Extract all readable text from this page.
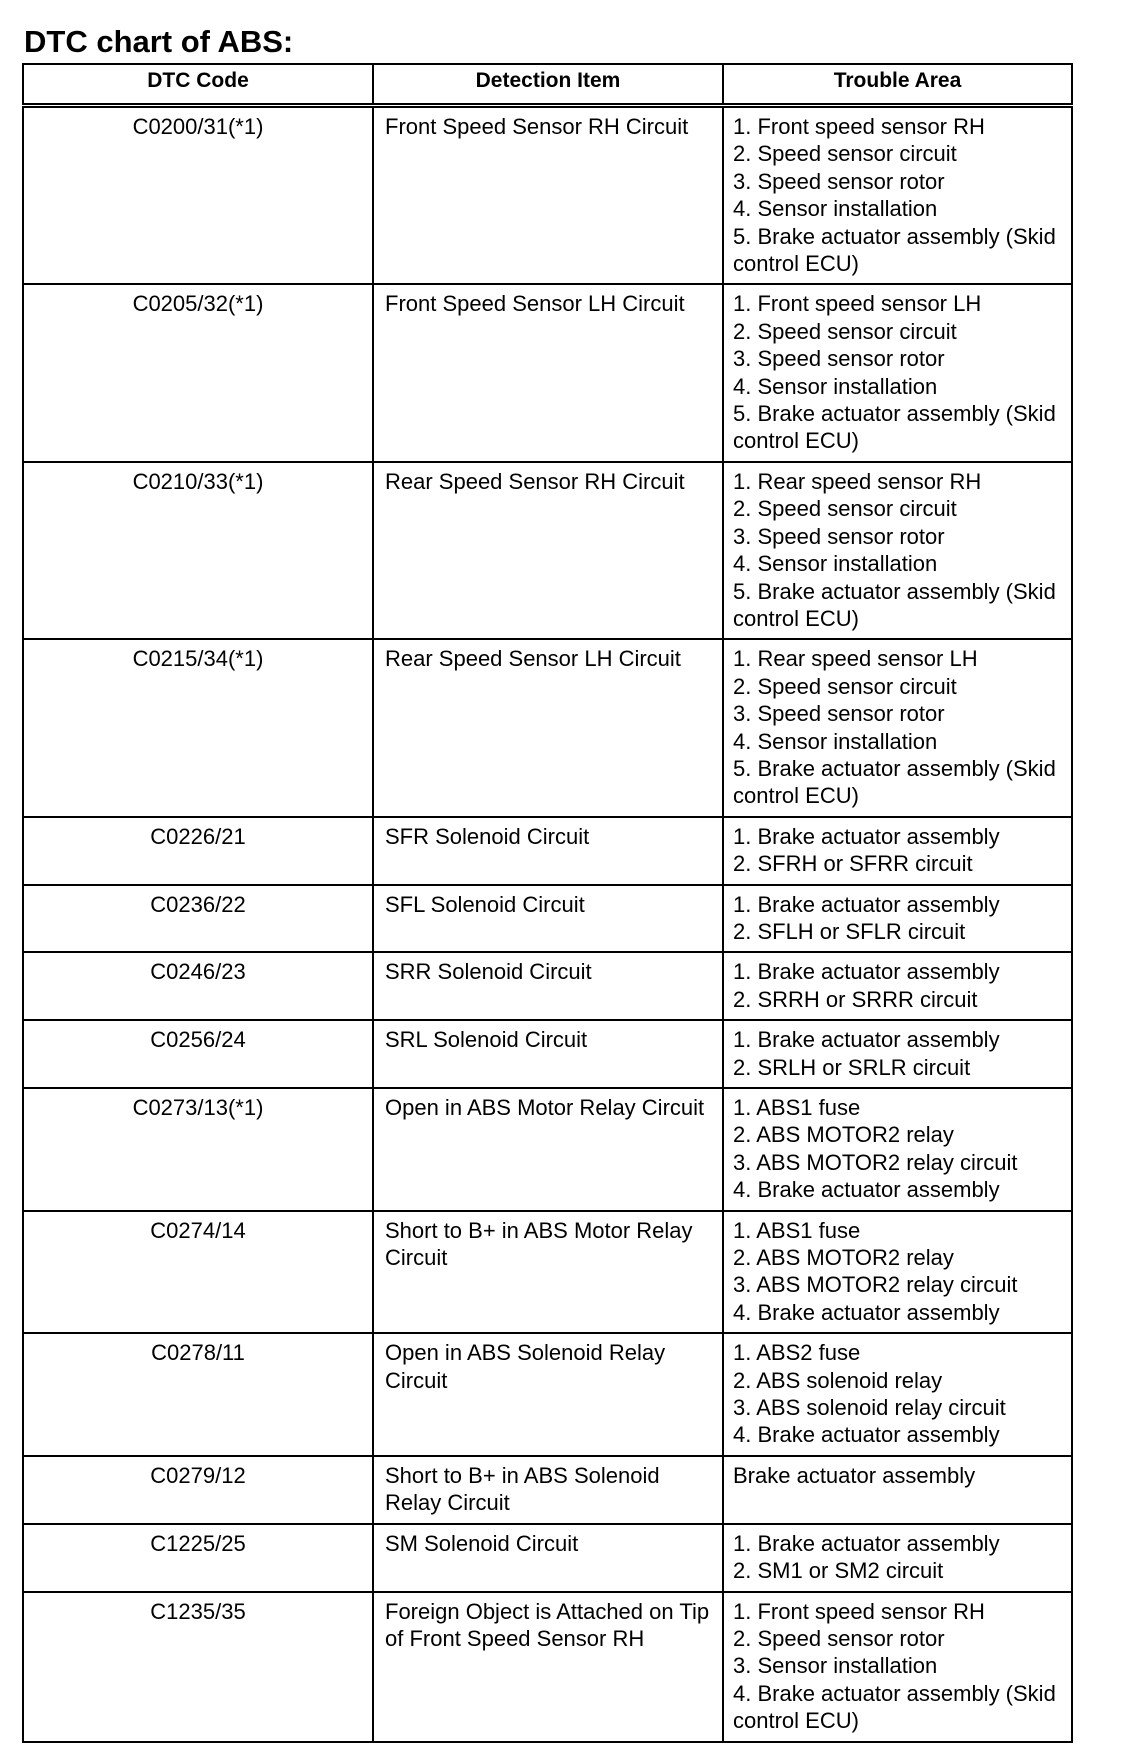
DTC chart of ABS:
DTC Code	Detection Item	Trouble Area
C0200/31(*1)	Front Speed Sensor RH Circuit	1. Front speed sensor RH
2. Speed sensor circuit
3. Speed sensor rotor
4. Sensor installation
5. Brake actuator assembly (Skid control ECU)

C0205/32(*1)	Front Speed Sensor LH Circuit	1. Front speed sensor LH
2. Speed sensor circuit
3. Speed sensor rotor
4. Sensor installation
5. Brake actuator assembly (Skid control ECU)

C0210/33(*1)	Rear Speed Sensor RH Circuit	1. Rear speed sensor RH
2. Speed sensor circuit
3. Speed sensor rotor
4. Sensor installation
5. Brake actuator assembly (Skid control ECU)

C0215/34(*1)	Rear Speed Sensor LH Circuit	1. Rear speed sensor LH
2. Speed sensor circuit
3. Speed sensor rotor
4. Sensor installation
5. Brake actuator assembly (Skid control ECU)

C0226/21	SFR Solenoid Circuit	1. Brake actuator assembly
2. SFRH or SFRR circuit

C0236/22	SFL Solenoid Circuit	1. Brake actuator assembly
2. SFLH or SFLR circuit

C0246/23	SRR Solenoid Circuit	1. Brake actuator assembly
2. SRRH or SRRR circuit

C0256/24	SRL Solenoid Circuit	1. Brake actuator assembly
2. SRLH or SRLR circuit

C0273/13(*1)	Open in ABS Motor Relay Circuit	1. ABS1 fuse
2. ABS MOTOR2 relay
3. ABS MOTOR2 relay circuit
4. Brake actuator assembly

C0274/14	Short to B+ in ABS Motor Relay Circuit	1. ABS1 fuse
2. ABS MOTOR2 relay
3. ABS MOTOR2 relay circuit
4. Brake actuator assembly

C0278/11	Open in ABS Solenoid Relay Circuit	1. ABS2 fuse
2. ABS solenoid relay
3. ABS solenoid relay circuit
4. Brake actuator assembly

C0279/12	Short to B+ in ABS Solenoid Relay Circuit	Brake actuator assembly

C1225/25	SM Solenoid Circuit	1. Brake actuator assembly
2. SM1 or SM2 circuit

C1235/35	Foreign Object is Attached on Tip of Front Speed Sensor RH	1. Front speed sensor RH
2. Speed sensor rotor
3. Sensor installation
4. Brake actuator assembly (Skid control ECU)
